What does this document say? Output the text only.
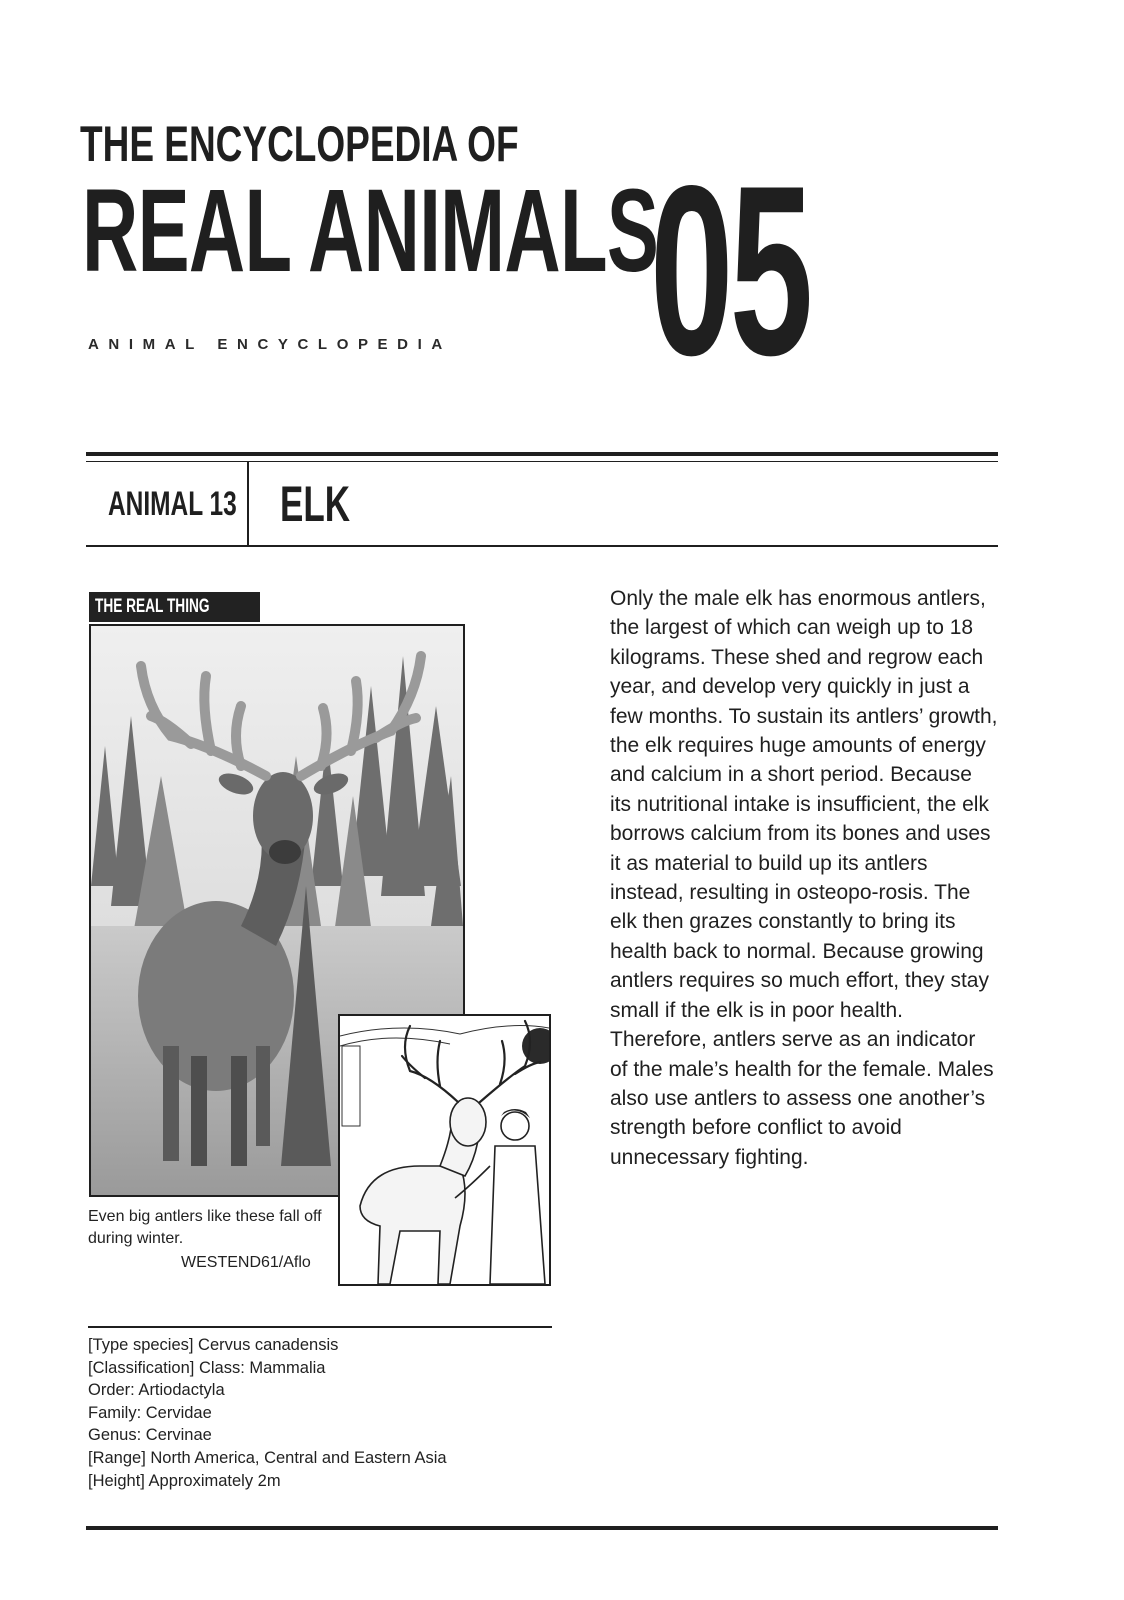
THE ENCYCLOPEDIA OF
REAL ANIMALS
05
ANIMAL ENCYCLOPEDIA
ANIMAL 13 ELK
THE REAL THING
Even big antlers like these fall off during winter.
WESTEND61/Aflo
Only the male elk has enormous antlers, the largest of which can weigh up to 18 kilograms. These shed and regrow each year, and develop very quickly in just a few months. To sustain its antlers’ growth, the elk requires huge amounts of energy and calcium in a short period. Because its nutritional intake is insufficient, the elk borrows calcium from its bones and uses it as material to build up its antlers instead, resulting in osteopo-rosis. The elk then grazes constantly to bring its health back to normal. Because growing antlers requires so much effort, they stay small if the elk is in poor health. Therefore, antlers serve as an indicator of the male’s health for the female. Males also use antlers to assess one another’s strength before conflict to avoid unnecessary fighting.
[Type species] Cervus canadensis
[Classification] Class: Mammalia
Order: Artiodactyla
Family: Cervidae
Genus: Cervinae
[Range] North America, Central and Eastern Asia
[Height] Approximately 2m
